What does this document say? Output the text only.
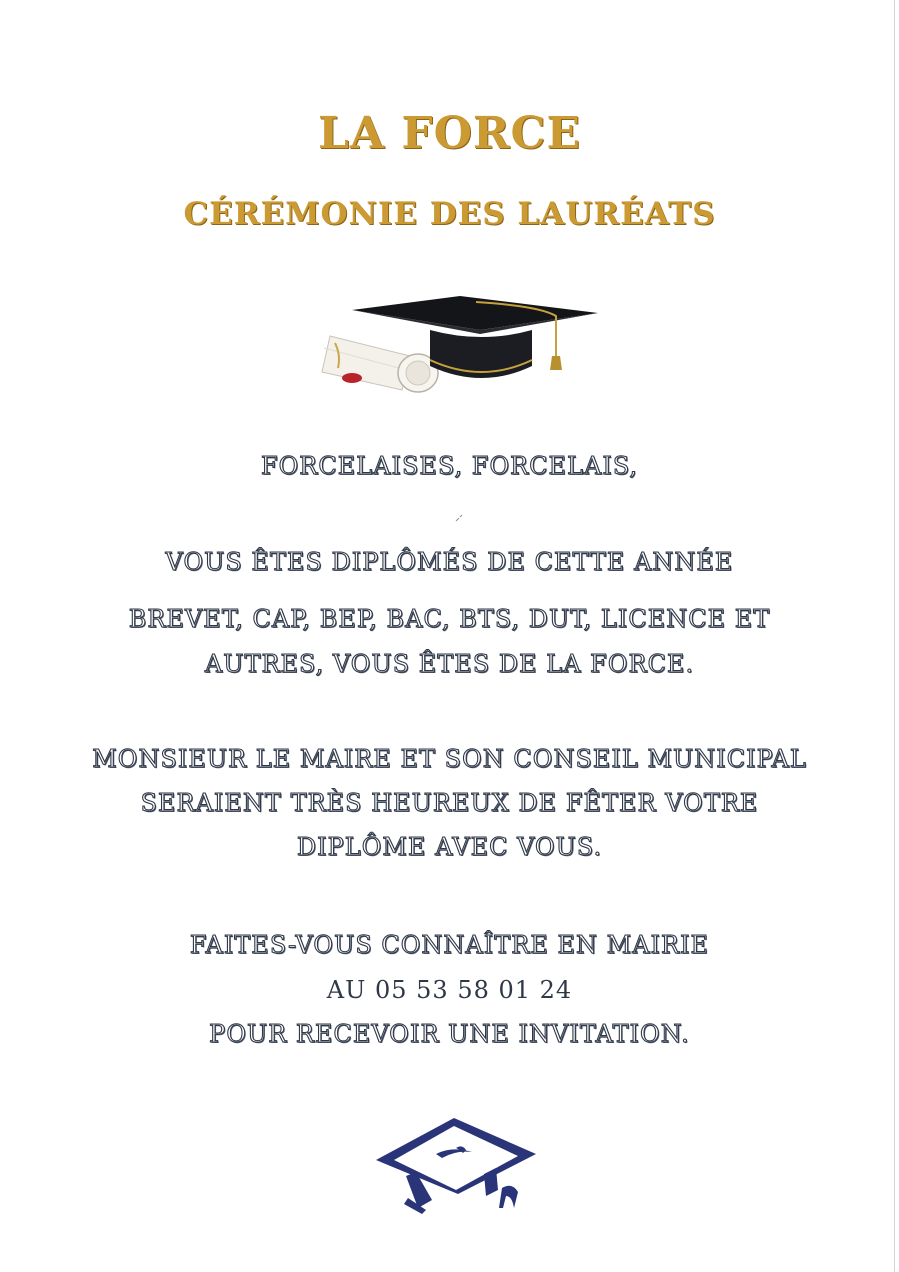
LA FORCE
CÉRÉMONIE DES LAURÉATS
FORCELAISES, FORCELAIS,
VOUS ÊTES DIPLÔMÉS DE CETTE ANNÉE
BREVET, CAP, BEP, BAC, BTS, DUT, LICENCE ET
AUTRES, VOUS ÊTES DE LA FORCE.
MONSIEUR LE MAIRE ET SON CONSEIL MUNICIPAL
SERAIENT TRÈS HEUREUX DE FÊTER VOTRE
DIPLÔME AVEC VOUS.
FAITES-VOUS CONNAÎTRE EN MAIRIE
AU 05 53 58 01 24
POUR RECEVOIR UNE INVITATION.
